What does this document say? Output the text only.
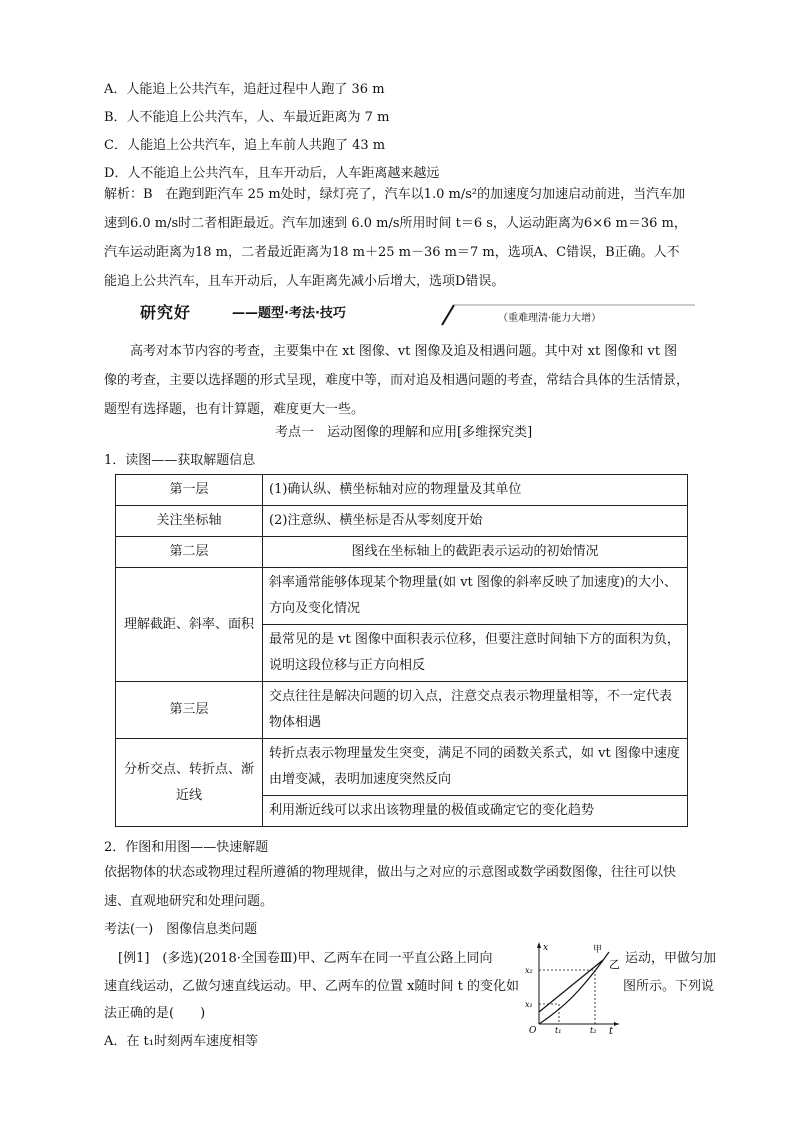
A．人能追上公共汽车，追赶过程中人跑了 36 m
B．人不能追上公共汽车，人、车最近距离为 7 m
C．人能追上公共汽车，追上车前人共跑了 43 m
D．人不能追上公共汽车，且车开动后，人车距离越来越远
解析：B　在跑到距汽车 25 m处时，绿灯亮了，汽车以1.0 m/s²的加速度匀加速启动前进，当汽车加速到6.0 m/s时二者相距最近。汽车加速到 6.0 m/s所用时间 t＝6 s，人运动距离为6×6 m＝36 m，汽车运动距离为18 m，二者最近距离为18 m＋25 m－36 m＝7 m，选项A、C错误，B正确。人不能追上公共汽车，且车开动后，人车距离先减小后增大，选项D错误。
研究好	——题型·考法·技巧	（重难理清·能力大增）
高考对本节内容的考查，主要集中在 xt 图像、vt 图像及追及相遇问题。其中对 xt 图像和 vt 图像的考查，主要以选择题的形式呈现，难度中等，而对追及相遇问题的考查，常结合具体的生活情景，题型有选择题，也有计算题，难度更大一些。
考点一　运动图像的理解和应用[多维探究类]
1．读图——获取解题信息
第一层	(1)确认纵、横坐标轴对应的物理量及其单位
关注坐标轴	(2)注意纵、横坐标是否从零刻度开始
第二层	图线在坐标轴上的截距表示运动的初始情况
理解截距、斜率、面积	斜率通常能够体现某个物理量(如 vt 图像的斜率反映了加速度)的大小、方向及变化情况
	最常见的是 vt 图像中面积表示位移，但要注意时间轴下方的面积为负，说明这段位移与正方向相反
第三层	交点往往是解决问题的切入点，注意交点表示物理量相等，不一定代表物体相遇
分析交点、转折点、渐近线	转折点表示物理量发生突变，满足不同的函数关系式，如 vt 图像中速度由增变减，表明加速度突然反向
	利用渐近线可以求出该物理量的极值或确定它的变化趋势
2．作图和用图——快速解题
依据物体的状态或物理过程所遵循的物理规律，做出与之对应的示意图或数学函数图像，往往可以快速、直观地研究和处理问题。
考法(一)　图像信息类问题
[例1]　(多选)(2018·全国卷Ⅲ)甲、乙两车在同一平直公路上同向	运动，甲做匀加
速直线运动，乙做匀速直线运动。甲、乙两车的位置 x随时间 t 的变化如	图所示。下列说
法正确的是(　　)
A．在 t₁时刻两车速度相等
x
t
O
x₂
x₁
t₁	t₂
甲
乙
